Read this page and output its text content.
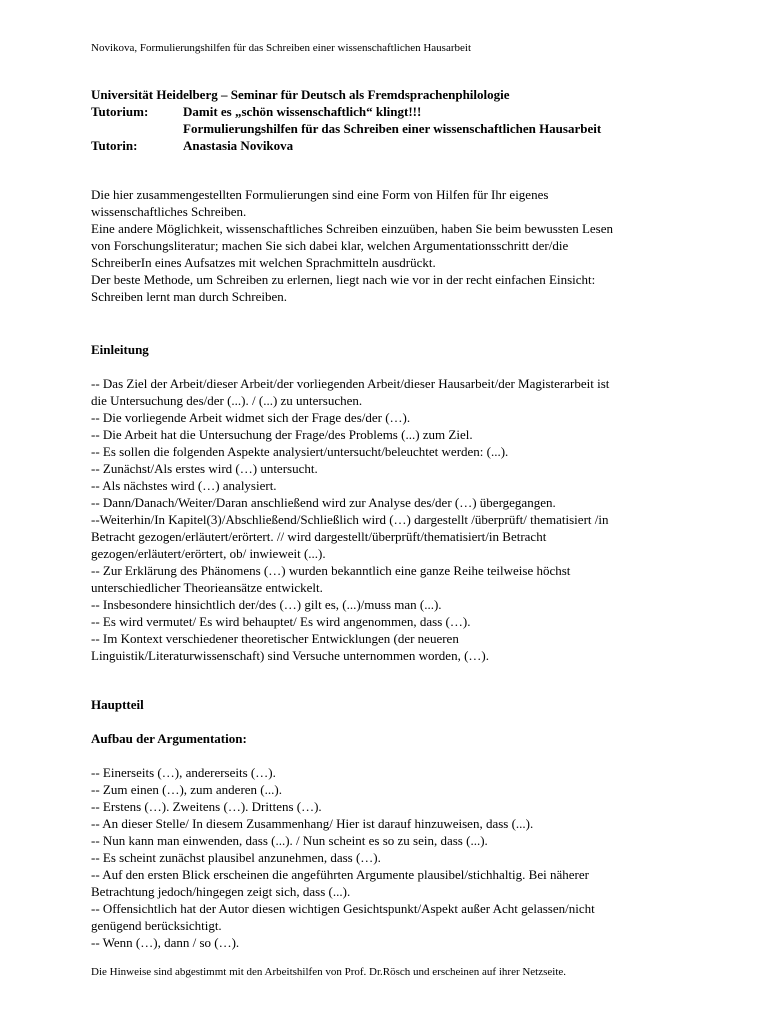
Novikova, Formulierungshilfen für das Schreiben einer wissenschaftlichen Hausarbeit
Universität Heidelberg – Seminar für Deutsch als Fremdsprachenphilologie
Tutorium:	Damit es „schön wissenschaftlich“ klingt!!!
Formulierungshilfen für das Schreiben einer wissenschaftlichen Hausarbeit
Tutorin:	Anastasia Novikova

Die hier zusammengestellten Formulierungen sind eine Form von Hilfen für Ihr eigenes

wissenschaftliches Schreiben.

Eine andere Möglichkeit, wissenschaftliches Schreiben einzuüben, haben Sie beim bewussten Lesen

von Forschungsliteratur; machen Sie sich dabei klar, welchen Argumentationsschritt der/die

SchreiberIn eines Aufsatzes mit welchen Sprachmitteln ausdrückt.

Der beste Methode, um Schreiben zu erlernen, liegt nach wie vor in der recht einfachen Einsicht:

Schreiben lernt man durch Schreiben.

Einleitung

-- Das Ziel der Arbeit/dieser Arbeit/der vorliegenden Arbeit/dieser Hausarbeit/der Magisterarbeit ist

die Untersuchung des/der (...). / (...) zu untersuchen.

-- Die vorliegende Arbeit widmet sich der Frage des/der (…).

-- Die Arbeit hat die Untersuchung der Frage/des Problems (...) zum Ziel.

-- Es sollen die folgenden Aspekte analysiert/untersucht/beleuchtet werden: (...).

-- Zunächst/Als erstes wird (…) untersucht.

-- Als nächstes wird (…) analysiert.

-- Dann/Danach/Weiter/Daran anschließend wird zur Analyse des/der (…) übergegangen.

--Weiterhin/In Kapitel(3)/Abschließend/Schließlich wird (…) dargestellt /überprüft/ thematisiert /in

Betracht gezogen/erläutert/erörtert. // wird dargestellt/überprüft/thematisiert/in Betracht

gezogen/erläutert/erörtert, ob/ inwieweit (...).

-- Zur Erklärung des Phänomens (…) wurden bekanntlich eine ganze Reihe teilweise höchst

unterschiedlicher Theorieansätze entwickelt.

-- Insbesondere hinsichtlich der/des (…) gilt es, (...)/muss man (...).

-- Es wird vermutet/ Es wird behauptet/ Es wird angenommen, dass (…).

-- Im Kontext verschiedener theoretischer Entwicklungen (der neueren

Linguistik/Literaturwissenschaft) sind Versuche unternommen worden, (…).

Hauptteil
Aufbau der Argumentation:

-- Einerseits (…), andererseits (…).

-- Zum einen (…), zum anderen (...).

-- Erstens (…). Zweitens (…). Drittens (…).

-- An dieser Stelle/ In diesem Zusammenhang/ Hier ist darauf hinzuweisen, dass (...).

-- Nun kann man einwenden, dass (...). / Nun scheint es so zu sein, dass (...).

-- Es scheint zunächst plausibel anzunehmen, dass (…).

-- Auf den ersten Blick erscheinen die angeführten Argumente plausibel/stichhaltig. Bei näherer

Betrachtung jedoch/hingegen zeigt sich, dass (...).

-- Offensichtlich hat der Autor diesen wichtigen Gesichtspunkt/Aspekt außer Acht gelassen/nicht

genügend berücksichtigt.

-- Wenn (…), dann / so (…).

Die Hinweise sind abgestimmt mit den Arbeitshilfen von Prof. Dr.Rösch und erscheinen auf ihrer Netzseite.
